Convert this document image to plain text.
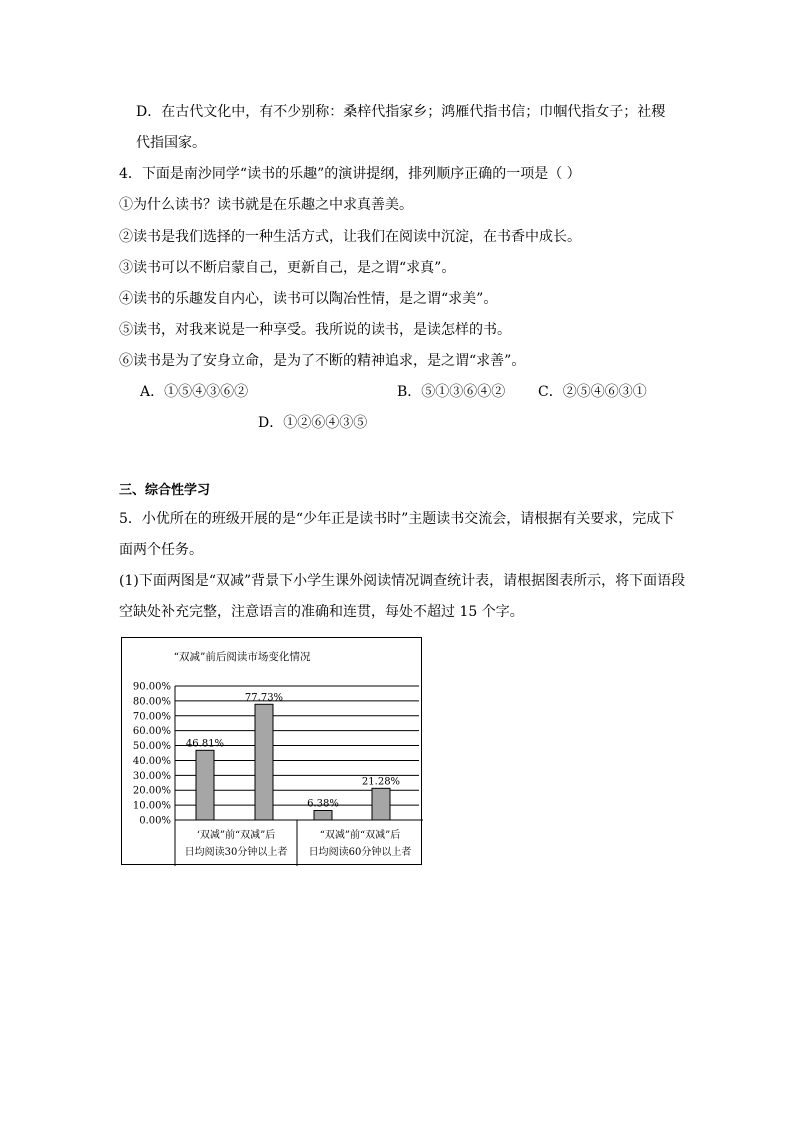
D．在古代文化中，有不少别称：桑梓代指家乡；鸿雁代指书信；巾帼代指女子；社稷
代指国家。
4．下面是南沙同学“读书的乐趣”的演讲提纲，排列顺序正确的一项是（ ）
①为什么读书？读书就是在乐趣之中求真善美。
②读书是我们选择的一种生活方式，让我们在阅读中沉淀，在书香中成长。
③读书可以不断启蒙自己，更新自己，是之谓“求真”。
④读书的乐趣发自内心，读书可以陶冶性情，是之谓“求美”。
⑤读书，对我来说是一种享受。我所说的读书，是读怎样的书。
⑥读书是为了安身立命，是为了不断的精神追求，是之谓“求善”。
A．①⑤④③⑥②	B．⑤①③⑥④② C．②⑤④⑥③①
D．①②⑥④③⑤
三、综合性学习
5．小优所在的班级开展的是“少年正是读书时”主题读书交流会，请根据有关要求，完成下
面两个任务。
(1)下面两图是“双减”背景下小学生课外阅读情况调查统计表，请根据图表所示，将下面语段
空缺处补充完整，注意语言的准确和连贯，每处不超过 15 个字。
“双减”前后阅读市场变化情况
0.00%
10.00%
20.00%
30.00%
40.00%
50.00%
60.00%
70.00%
80.00%
90.00%
46.81%
77.73%
6.38%
21.28%
‘双减”前“双减”后
日均阅读30分钟以上者
“双减”前“双减”后
日均阅读60分钟以上者
